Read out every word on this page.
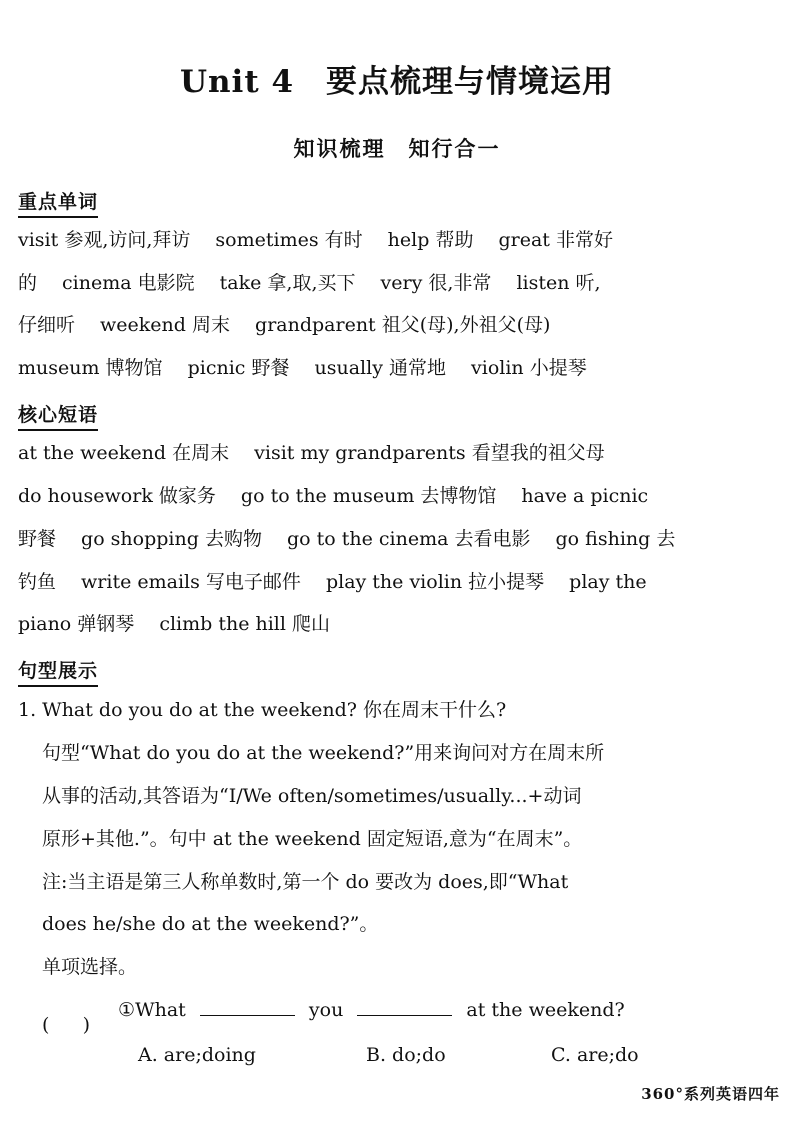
Unit 4　要点梳理与情境运用
知识梳理　知行合一
重点单词
visit 参观,访问,拜访　 sometimes 有时　 help 帮助　 great 非常好
的　 cinema 电影院　 take 拿,取,买下　 very 很,非常　 listen 听,
仔细听　 weekend 周末　 grandparent 祖父(母),外祖父(母)
museum 博物馆　 picnic 野餐　 usually 通常地　 violin 小提琴
核心短语
at the weekend 在周末　 visit my grandparents 看望我的祖父母
do housework 做家务　 go to the museum 去博物馆　 have a picnic
野餐　 go shopping 去购物　 go to the cinema 去看电影　 go fishing 去
钓鱼　 write emails 写电子邮件　 play the violin 拉小提琴　 play the
piano 弹钢琴　 climb the hill 爬山
句型展示
1. What do you do at the weekend? 你在周末干什么?
句型“What do you do at the weekend?”用来询问对方在周末所
从事的活动,其答语为“I/We often/sometimes/usually...+动词
原形+其他.”。句中 at the weekend 固定短语,意为“在周末”。
注:当主语是第三人称单数时,第一个 do 要改为 does,即“What
does he/she do at the weekend?”。
单项选择。
①What	you	at the weekend?
A. are;doing	B. do;do	C. are;do
360°系列英语四年
